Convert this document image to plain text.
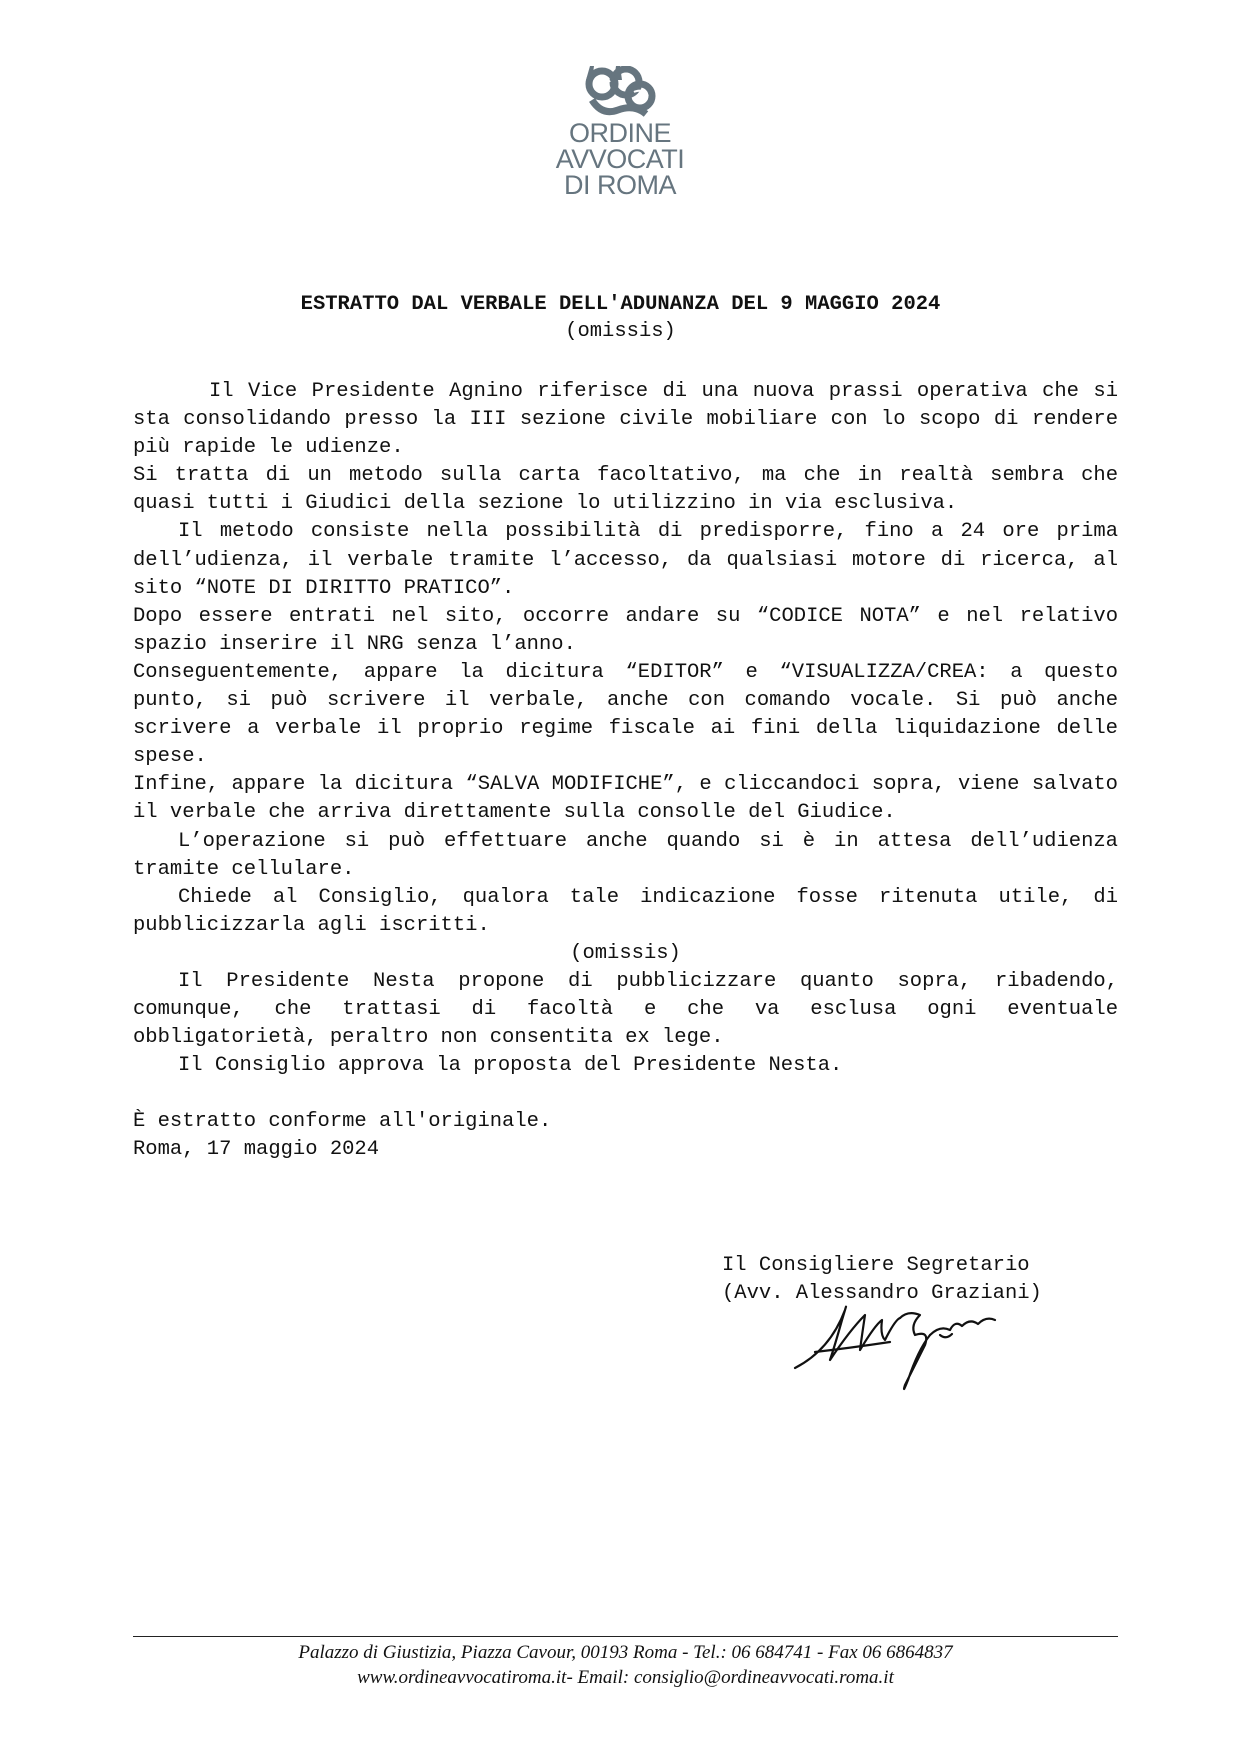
ORDINE
AVVOCATI
DI ROMA
ESTRATTO DAL VERBALE DELL'ADUNANZA DEL 9 MAGGIO 2024
(omissis)

Il Vice Presidente Agnino riferisce di una nuova prassi operativa che si sta consolidando presso la III sezione civile mobiliare con lo scopo di rendere più rapide le udienze.

Si tratta di un metodo sulla carta facoltativo, ma che in realtà sembra che quasi tutti i Giudici della sezione lo utilizzino in via esclusiva.

Il metodo consiste nella possibilità di predisporre, fino a 24 ore prima dell’udienza, il verbale tramite l’accesso, da qualsiasi motore di ricerca, al sito “NOTE DI DIRITTO PRATICO”.

Dopo essere entrati nel sito, occorre andare su “CODICE NOTA” e nel relativo spazio inserire il NRG senza l’anno.

Conseguentemente, appare la dicitura “EDITOR” e “VISUALIZZA/CREA: a questo punto, si può scrivere il verbale, anche con comando vocale. Si può anche scrivere a verbale il proprio regime fiscale ai fini della liquidazione delle spese.

Infine, appare la dicitura “SALVA MODIFICHE”, e cliccandoci sopra, viene salvato il verbale che arriva direttamente sulla consolle del Giudice.

L’operazione si può effettuare anche quando si è in attesa dell’udienza tramite cellulare.

Chiede al Consiglio, qualora tale indicazione fosse ritenuta utile, di pubblicizzarla agli iscritti.

(omissis)

Il Presidente Nesta propone di pubblicizzare quanto sopra, ribadendo, comunque, che trattasi di facoltà e che va esclusa ogni eventuale obbligatorietà, peraltro non consentita ex lege.

Il Consiglio approva la proposta del Presidente Nesta.

È estratto conforme all'originale.

Roma, 17 maggio 2024

Il Consigliere Segretario
(Avv. Alessandro Graziani)
Palazzo di Giustizia, Piazza Cavour, 00193 Roma - Tel.: 06 684741 - Fax 06 6864837
www.ordineavvocatiroma.it- Email: consiglio@ordineavvocati.roma.it
